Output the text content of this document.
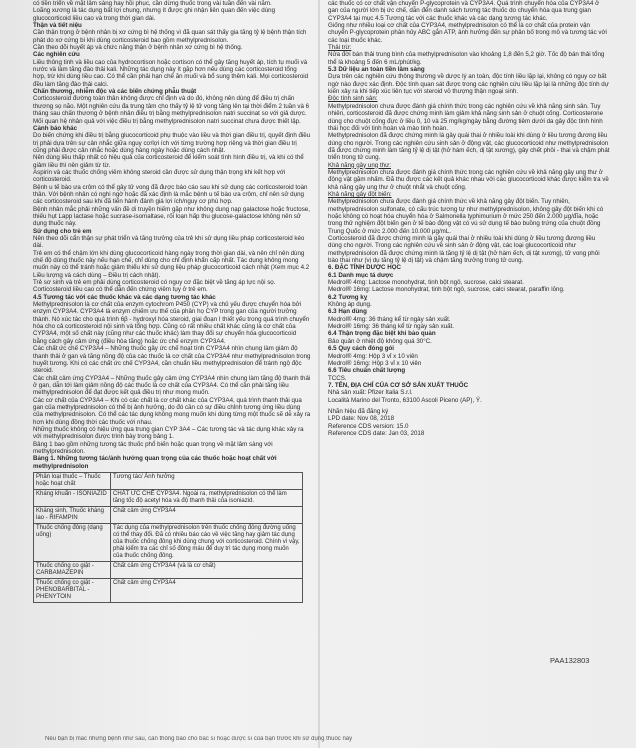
có tiền triển về mặt lâm sàng hay hồi phục, cần dừng thuốc trong vài tuần đến vài năm.
Loãng xương là tác dụng bất lợi chung, nhưng ít được ghi nhận liên quan đến việc dùng glucocorticoid liều cao và trong thời gian dài.
Thận và tiết niệu
Cần thận trọng ở bệnh nhân bị xơ cứng bì hệ thống vì đã quan sát thấy gia tăng tỷ lệ bệnh thận tích phát do xơ cứng bì khi dùng corticosteroid bao gồm methylprednisolon.
Cần theo dõi huyết áp và chức năng thận ở bệnh nhân xơ cứng bì hệ thống.
Các nghiên cứu
Liều thông tinh và liều cao của hydrocortison hoặc cortison có thể gây tăng huyết áp, tích tụ muối và nước và làm tăng đào thải kali. Những tác dụng này ít gặp hơn nếu dùng các corticosteroid tổng hợp, trừ khi dùng liều cao. Có thể cần phải hạn chế ăn muối và bổ sung thêm kali. Mọi corticosteroid đều làm tăng đào thải calci.
Chấn thương, nhiễm độc và các biến chứng phẫu thuật
Corticosteroid đường toàn thân không được chỉ định và do đó, không nên dùng để điều trị chấn thương sọ não. Một nghiên cứu đa trung tâm cho thấy tỷ lệ tử vong tăng lên tại thời điểm 2 tuần và 6 tháng sau chấn thương ở bệnh nhân điều trị bằng methylprednisolon natri succinat so với giả dược. Mối quan hệ nhân quả với việc điều trị bằng methylprednisolon natri succinat chưa được thiết lập.
Cảnh báo khác
Do biến chứng khi điều trị bằng glucocorticoid phụ thuộc vào liều và thời gian điều trị, quyết định điều trị phải dựa trên sự cân nhắc giữa nguy cơ/lợi ích với từng trường hợp riêng và thời gian điều trị cũng phải được cân nhắc hoặc dùng hàng ngày hoặc dùng cách nhật.
Nên dùng liều thấp nhất có hiệu quả của corticosteroid để kiểm soát tình hình điều trị, và khi có thể giảm liều thì nên giảm từ từ.
Aspirin và các thuốc chống viêm không steroid cần được sử dụng thận trọng khi kết hợp với corticosteroid.
Bệnh u tế bào ưa crôm có thể gây tử vong đã được báo cáo sau khi sử dụng các corticosteroid toàn thân. Với bệnh nhân có nghi ngờ hoặc đã xác định là mắc bệnh u tế bào ưa crôm, chỉ nên sử dụng các corticosteroid sau khi đã tiến hành đánh giá lợi ích/nguy cơ phù hợp.
Bệnh nhân mắc phải những vấn đề di truyền hiếm gặp như không dung nạp galactose hoặc fructose, thiếu hụt Lapp lactase hoặc sucrase-isomaltase, rối loạn hấp thu glucose-galactose không nên sử dụng thuốc này.
Sử dụng cho trẻ em
Nên theo dõi cẩn thận sự phát triển và tăng trưởng của trẻ khi sử dụng liều pháp corticosteroid kéo dài.
Trẻ em có thể chậm lớn khi dùng glucocorticoid hàng ngày trong thời gian dài, và nên chỉ nên dùng chế độ dùng thuốc này nếu hạn chế, chỉ dùng cho chỉ định khẩn cấp nhất. Tác dụng không mong muốn này có thể tránh hoặc giảm thiểu khi sử dụng liệu pháp glucocorticoid cách nhật (Xem mục 4.2 Liều lượng và cách dùng – Điều trị cách nhật).
Trẻ sơ sinh và trẻ em phải dùng corticosteroid có nguy cơ đặc biệt về tăng áp lực nội sọ.
Corticosteroid liều cao có thể dẫn đến chứng viêm tụy ở trẻ em.
4.5 Tương tác với các thuốc khác và các dạng tương tác khác
Methylprednisolon là cơ chất của enzym cytochrom P450 (CYP) và chủ yếu được chuyển hóa bởi enzym CYP3A4. CYP3A4 là enzym chiếm ưu thế của phân họ CYP trong gan của người trưởng thành. Nó xúc tác cho quá trình 6β - hydroxyl hóa steroid, giai đoạn I thiết yếu trong quá trình chuyển hóa cho cả corticosteroid nội sinh và tổng hợp. Cũng có rất nhiều chất khác cũng là cơ chất của CYP3A4, một số chất này (cũng như các thuốc khác) làm thay đổi sự chuyển hóa glucocorticoid bằng cách gây cảm ứng (điều hòa tăng) hoặc ức chế enzym CYP3A4.
Các chất ức chế CYP3A4 – Những thuốc gây ức chế hoạt tính CYP3A4 nhìn chung làm giảm độ thanh thải ở gan và tăng nồng độ của các thuốc là cơ chất của CYP3A4 như methylprednisolon trong huyết tương. Khi có các chất ức chế CYP3A4, cần chuẩn liều methylprednisolon để tránh ngộ độc steroid.
Các chất cảm ứng CYP3A4 – Những thuốc gây cảm ứng CYP3A4 nhìn chung làm tăng độ thanh thải ở gan, dẫn tới làm giảm nồng độ các thuốc là cơ chất của CYP3A4. Có thể cần phải tăng liều methylprednisolon để đạt được kết quả điều trị như mong muốn.
Các cơ chất của CYP3A4 – Khi có các chất là cơ chất khác của CYP3A4, quá trình thanh thải qua gan của methylprednisolon có thể bị ảnh hưởng, do đó cần có sự điều chỉnh tương ứng liều dùng của methylprednisolon. Có thể các tác dụng không mong muốn khi dùng từng một thuốc sẽ dễ xảy ra hơn khi dùng đồng thời các thuốc với nhau.
Những thuốc không có hiệu ứng qua trung gian CYP 3A4 – Các tương tác và tác dụng khác xảy ra với methylprednisolon được trình bày trong bảng 1.
Bảng 1 bao gồm những tương tác thuốc phổ biến hoặc quan trọng về mặt lâm sàng với methylprednisolon.
Bảng 1. Những tương tác/ảnh hưởng quan trọng của các thuốc hoặc hoạt chất với methylprednisolon
Phân loại thuốc – Thuốc hoặc hoạt chất	Tương tác/ Ảnh hưởng
Kháng khuẩn - ISONIAZID	CHẤT ỨC CHẾ CYP3A4. Ngoài ra, methylprednisolon có thể làm tăng tốc độ acetyl hóa và độ thanh thải của isoniazid.
Kháng sinh, Thuốc kháng lao - RIFAMPIN	Chất cảm ứng CYP3A4
Thuốc chống đông (dạng uống)	Tác dụng của methylprednisolon trên thuốc chống đông đường uống có thể thay đổi. Đã có nhiều báo cáo về việc tăng hay giảm tác dụng của thuốc chống đông khi dùng chung với corticosteroid. Chính vì vậy, phải kiểm tra các chỉ số đông máu để duy trì tác dụng mong muốn của thuốc chống đông.
Thuốc chống co giật - CARBAMAZEPIN	Chất cảm ứng CYP3A4 (và là cơ chất)
Thuốc chống co giật - PHENOBARBITAL - PHENYTOIN	Chất cảm ứng CYP3A4
các thuốc có cơ chất vận chuyển P-glycoprotein và CYP3A4. Quá trình chuyển hóa của CYP3A4 ở gan của người lớn bị ức chế, dẫn đến danh sách tương tác thuốc do chuyển hóa qua trung gian CYP3A4 tại mục 4.5 Tương tác với các thuốc khác và các dạng tương tác khác.
Giống như nhiều loại cơ chất của CYP3A4, methylprednisolon có thể là cơ chất của protein vận chuyển P-glycoprotein phân hủy ABC gắn ATP, ảnh hưởng đến sự phân bố trong mô và tương tác với các loại thuốc khác.
Thải trừ:
Nửa đời bán thải trung bình của methylprednisolon vào khoảng 1,8 đến 5,2 giờ. Tốc độ bán thải tổng thể là khoảng 5 đến 6 mL/phút/kg.
5.3 Dữ liệu an toàn tiền lâm sàng
Dựa trên các nghiên cứu thông thường về dược lý an toàn, độc tính liều lặp lại, không có nguy cơ bất ngờ nào được xác định. Độc tính quan sát được trong các nghiên cứu liều lặp lại là những độc tính dự kiến xảy ra khi tiếp xúc liên tục với steroid vỏ thượng thận ngoại sinh.
Độc tính sinh sản:
Methylprednisolon chưa được đánh giá chính thức trong các nghiên cứu về khả năng sinh sản. Tuy nhiên, corticosteroid đã được chứng minh làm giảm khả năng sinh sản ở chuột cống. Corticosterone dùng cho chuột cống đực ở liều 0, 10 và 25 mg/kg/ngày bằng đường tiêm dưới da gây độc tính hình thái học đối với tinh hoàn và mào tinh hoàn.
Methylprednisolon đã được chứng minh là gây quái thai ở nhiều loài khi dùng ở liều tương đương liều dùng cho người. Trong các nghiên cứu sinh sản ở động vật, các glucocorticoid như methylprednisolon đã được chứng minh làm tăng tỷ lệ dị tật (hở hàm ếch, dị tật xương), gây chết phôi - thai và chậm phát triển trong tử cung.
Khả năng gây ung thư:
Methylprednisolon chưa được đánh giá chính thức trong các nghiên cứu về khả năng gây ung thư ở động vật gặm nhấm. Đã thu được các kết quả khác nhau với các glucocorticoid khác được kiểm tra về khả năng gây ung thư ở chuột nhắt và chuột cống.
Khả năng gây đột biến:
Methylprednisolon chưa được đánh giá chính thức về khả năng gây đột biến. Tuy nhiên, methylprednisolon sulfonate, có cấu trúc tương tự như methylprednisolon, không gây đột biến khi có hoặc không có hoạt hóa chuyển hóa ở Salmonella typhimurium ở mức 250 đến 2.000 μg/đĩa, hoặc trong thử nghiệm đột biến gen ở tế bào động vật có vú sử dụng tế bào buồng trứng của chuột đồng Trung Quốc ở mức 2.000 đến 10.000 μg/mL.
Corticosteroid đã được chứng minh là gây quái thai ở nhiều loài khi dùng ở liều tương đương liều dùng cho người. Trong các nghiên cứu về sinh sản ở động vật, các loại glucocorticoid như methylprednisolon đã được chứng minh là tăng tỷ lệ dị tật (hở hàm ếch, dị tật xương), tử vong phôi bào thai như (vị dụ tăng tỷ lệ dị tật) và chậm tăng trưởng trong tử cung.
6. ĐẶC TÍNH DƯỢC HỌC
6.1 Danh mục tá dược
Medrol® 4mg: Lactose monohydrat, tinh bột ngô, sucrose, calci stearat.
Medrol® 16mg: Lactose monohydrat, tinh bột ngô, sucrose, calci stearat, paraffin lỏng.
6.2 Tương kỵ
Không áp dụng.
6.3 Hạn dùng
Medrol® 4mg: 36 tháng kể từ ngày sản xuất.
Medrol® 16mg: 36 tháng kể từ ngày sản xuất.
6.4 Thận trọng đặc biệt khi bảo quản
Bảo quản ở nhiệt độ không quá 30°C.
6.5 Quy cách đóng gói
Medrol® 4mg: Hộp 3 vỉ x 10 viên
Medrol® 16mg: Hộp 3 vỉ x 10 viên
6.6 Tiêu chuẩn chất lượng
TCCS.
7. TÊN, ĐỊA CHỈ CỦA CƠ SỞ SẢN XUẤT THUỐC
Nhà sản xuất: Pfizer Italia S.r.l.
Località Marino del Tronto, 63100 Ascoli Piceno (AP), Ý.
Nhãn hiệu đã đăng ký
LPD date: Nov 08, 2018
Reference CDS version: 15.0
Reference CDS date: Jan 03, 2018
PAA132803
Nếu bạn bị mắc những bệnh như sau, cần thông báo cho bác sĩ hoặc dược sĩ của bạn trước khi sử dụng thuốc này
